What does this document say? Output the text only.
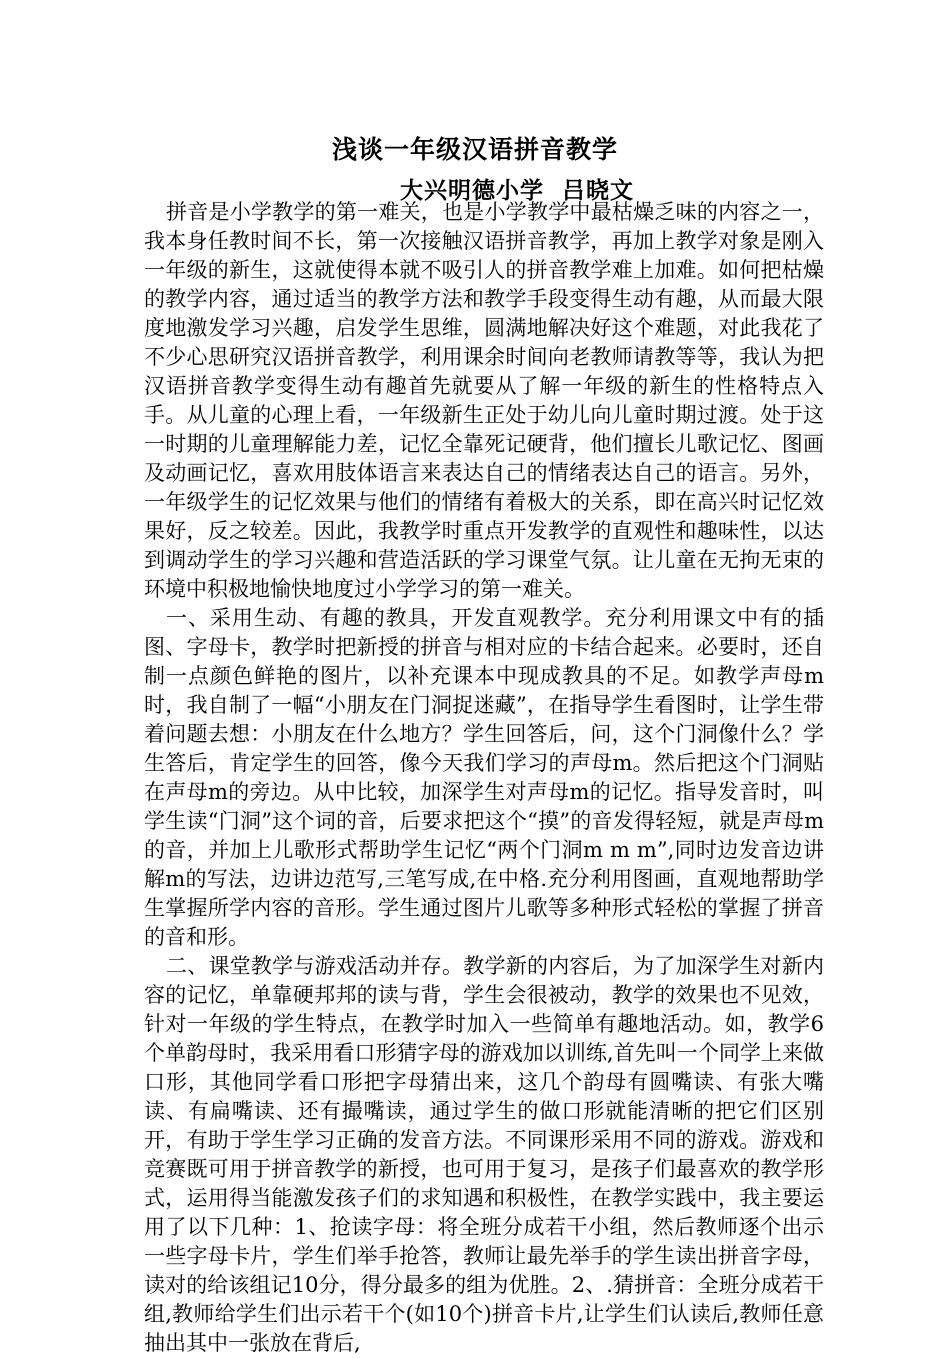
浅谈一年级汉语拼音教学
大兴明德小学  吕晓文

拼音是小学教学的第一难关，也是小学教学中最枯燥乏味的内容之一，我本身任教时间不长，第一次接触汉语拼音教学，再加上教学对象是刚入一年级的新生，这就使得本就不吸引人的拼音教学难上加难。如何把枯燥的教学内容，通过适当的教学方法和教学手段变得生动有趣，从而最大限度地激发学习兴趣，启发学生思维，圆满地解决好这个难题，对此我花了不少心思研究汉语拼音教学，利用课余时间向老教师请教等等，我认为把汉语拼音教学变得生动有趣首先就要从了解一年级的新生的性格特点入手。从儿童的心理上看，一年级新生正处于幼儿向儿童时期过渡。处于这一时期的儿童理解能力差，记忆全靠死记硬背，他们擅长儿歌记忆、图画及动画记忆，喜欢用肢体语言来表达自己的情绪表达自己的语言。另外，一年级学生的记忆效果与他们的情绪有着极大的关系，即在高兴时记忆效果好，反之较差。因此，我教学时重点开发教学的直观性和趣味性，以达到调动学生的学习兴趣和营造活跃的学习课堂气氛。让儿童在无拘无束的环境中积极地愉快地度过小学学习的第一难关。

一、采用生动、有趣的教具，开发直观教学。充分利用课文中有的插图、字母卡，教学时把新授的拼音与相对应的卡结合起来。必要时，还自制一点颜色鲜艳的图片，以补充课本中现成教具的不足。如教学声母m时，我自制了一幅“小朋友在门洞捉迷藏”，在指导学生看图时，让学生带着问题去想：小朋友在什么地方？学生回答后，问，这个门洞像什么？学生答后，肯定学生的回答，像今天我们学习的声母m。然后把这个门洞贴在声母m的旁边。从中比较，加深学生对声母m的记忆。指导发音时，叫学生读“门洞”这个词的音，后要求把这个“摸”的音发得轻短，就是声母m的音，并加上儿歌形式帮助学生记忆“两个门洞m m m”,同时边发音边讲解m的写法，边讲边范写,三笔写成,在中格.充分利用图画，直观地帮助学生掌握所学内容的音形。学生通过图片儿歌等多种形式轻松的掌握了拼音的音和形。

二、课堂教学与游戏活动并存。教学新的内容后，为了加深学生对新内容的记忆，单靠硬邦邦的读与背，学生会很被动，教学的效果也不见效，针对一年级的学生特点，在教学时加入一些简单有趣地活动。如，教学6个单韵母时，我采用看口形猜字母的游戏加以训练,首先叫一个同学上来做口形，其他同学看口形把字母猜出来，这几个韵母有圆嘴读、有张大嘴读、有扁嘴读、还有撮嘴读，通过学生的做口形就能清晰的把它们区别开，有助于学生学习正确的发音方法。不同课形采用不同的游戏。游戏和竞赛既可用于拼音教学的新授，也可用于复习，是孩子们最喜欢的教学形式，运用得当能激发孩子们的求知遇和积极性，在教学实践中，我主要运用了以下几种：1、抢读字母：将全班分成若干小组，然后教师逐个出示一些字母卡片，学生们举手抢答，教师让最先举手的学生读出拼音字母，读对的给该组记10分，得分最多的组为优胜。2、.猜拼音：全班分成若干组,教师给学生们出示若干个(如10个)拼音卡片,让学生们认读后,教师任意抽出其中一张放在背后,
